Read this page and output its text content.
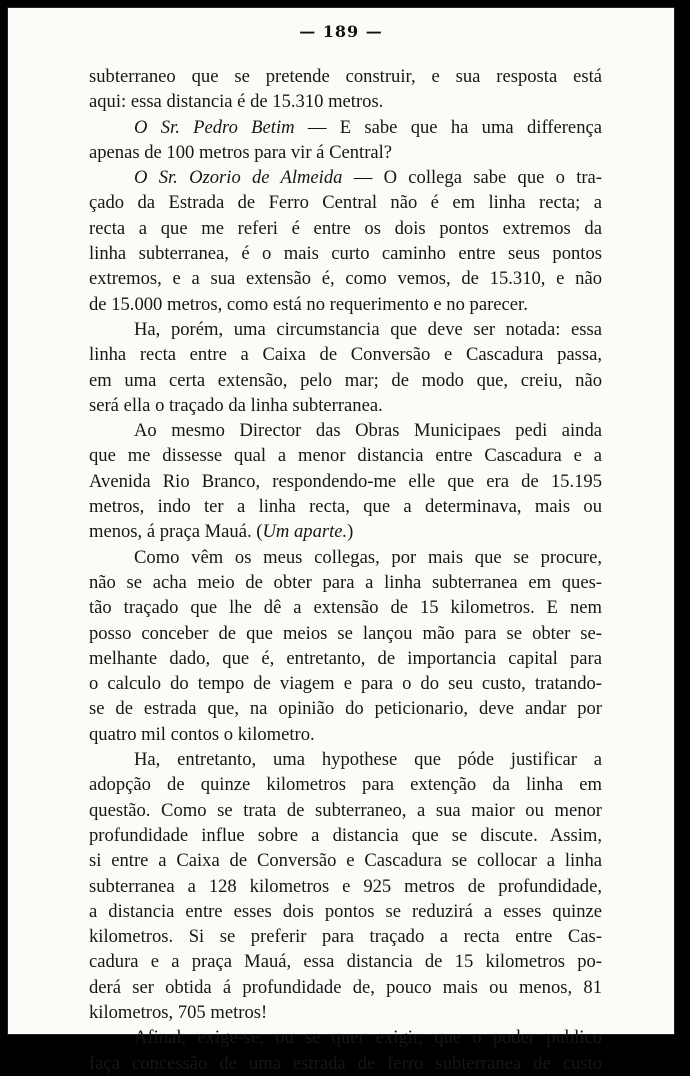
— 189 —

subterraneo que se pretende construir, e sua resposta está

aqui: essa distancia é de 15.310 metros.

O Sr. Pedro Betim — E sabe que ha uma differença

apenas de 100 metros para vir á Central?

O Sr. Ozorio de Almeida — O collega sabe que o tra-

çado da Estrada de Ferro Central não é em linha recta; a

recta a que me referi é entre os dois pontos extremos da

linha subterranea, é o mais curto caminho entre seus pontos

extremos, e a sua extensão é, como vemos, de 15.310, e não

de 15.000 metros, como está no requerimento e no parecer.

Ha, porém, uma circumstancia que deve ser notada: essa

linha recta entre a Caixa de Conversão e Cascadura passa,

em uma certa extensão, pelo mar; de modo que, creiu, não

será ella o traçado da linha subterranea.

Ao mesmo Director das Obras Municipaes pedi ainda

que me dissesse qual a menor distancia entre Cascadura e a

Avenida Rio Branco, respondendo-me elle que era de 15.195

metros, indo ter a linha recta, que a determinava, mais ou

menos, á praça Mauá. (Um aparte.)

Como vêm os meus collegas, por mais que se procure,

não se acha meio de obter para a linha subterranea em ques-

tão traçado que lhe dê a extensão de 15 kilometros. E nem

posso conceber de que meios se lançou mão para se obter se-

melhante dado, que é, entretanto, de importancia capital para

o calculo do tempo de viagem e para o do seu custo, tratando-

se de estrada que, na opinião do peticionario, deve andar por

quatro mil contos o kilometro.

Ha, entretanto, uma hypothese que póde justificar a

adopção de quinze kilometros para extenção da linha em

questão. Como se trata de subterraneo, a sua maior ou menor

profundidade influe sobre a distancia que se discute. Assim,

si entre a Caixa de Conversão e Cascadura se collocar a linha

subterranea a 128 kilometros e 925 metros de profundidade,

a distancia entre esses dois pontos se reduzirá a esses quinze

kilometros. Si se preferir para traçado a recta entre Cas-

cadura e a praça Mauá, essa distancia de 15 kilometros po-

derá ser obtida á profundidade de, pouco mais ou menos, 81

kilometros, 705 metros!

Afinal, exige-se, ou se quer exigir, que o poder publico

faça concessão de uma estrada de ferro subterranea de custo
